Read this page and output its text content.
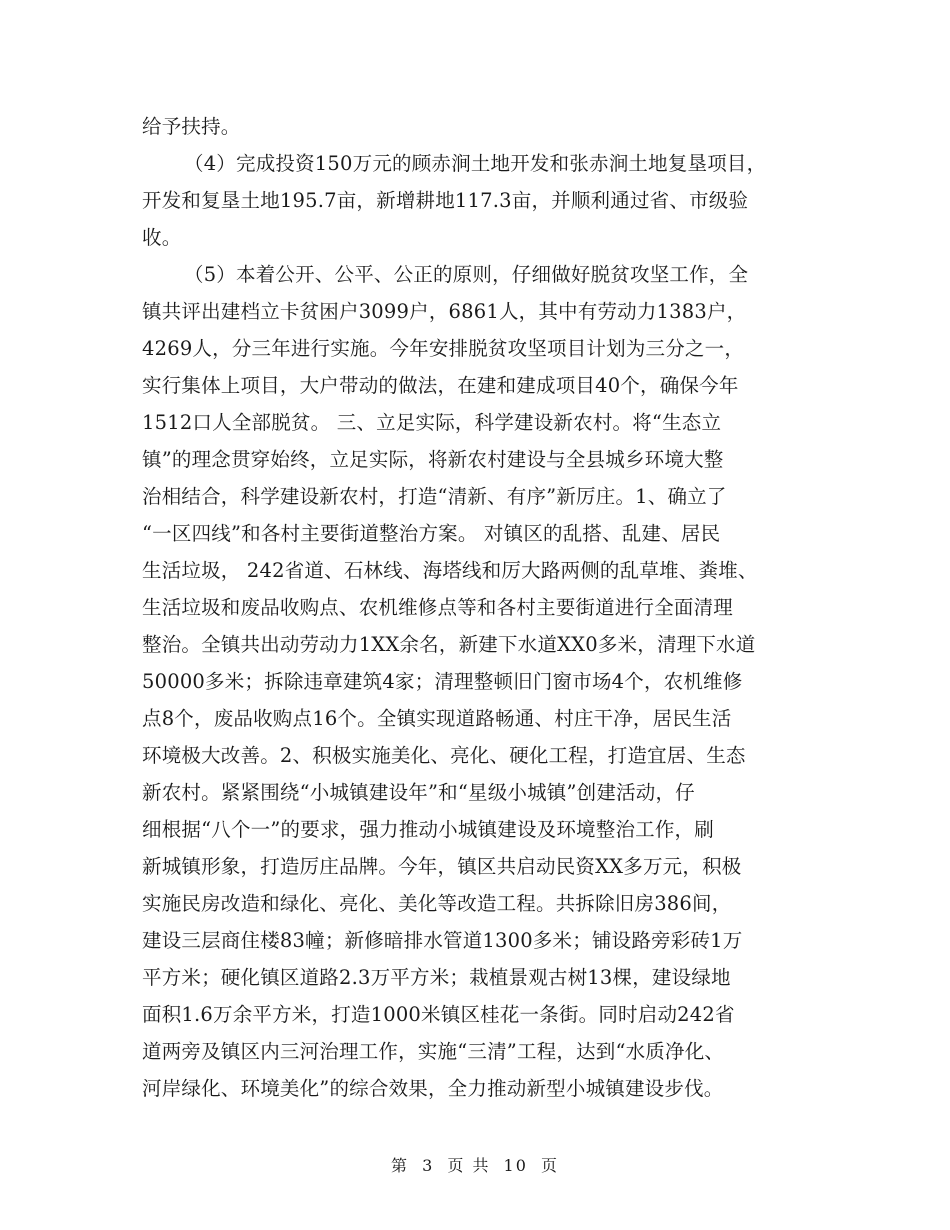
给予扶持。
（4）完成投资150万元的顾赤涧土地开发和张赤涧土地复垦项目，
开发和复垦土地195.7亩，新增耕地117.3亩，并顺利通过省、市级验
收。
（5）本着公开、公平、公正的原则，仔细做好脱贫攻坚工作，全
镇共评出建档立卡贫困户3099户，6861人，其中有劳动力1383户，
4269人，分三年进行实施。今年安排脱贫攻坚项目计划为三分之一，
实行集体上项目，大户带动的做法，在建和建成项目40个，确保今年
1512口人全部脱贫。 三、立足实际，科学建设新农村。将“生态立
镇”的理念贯穿始终，立足实际，将新农村建设与全县城乡环境大整
治相结合，科学建设新农村，打造“清新、有序”新厉庄。1、确立了
“一区四线”和各村主要街道整治方案。 对镇区的乱搭、乱建、居民
生活垃圾， 242省道、石林线、海塔线和厉大路两侧的乱草堆、粪堆、
生活垃圾和废品收购点、农机维修点等和各村主要街道进行全面清理
整治。全镇共出动劳动力1XX余名，新建下水道XX0多米，清理下水道
50000多米；拆除违章建筑4家；清理整顿旧门窗市场4个，农机维修
点8个，废品收购点16个。全镇实现道路畅通、村庄干净，居民生活
环境极大改善。2、积极实施美化、亮化、硬化工程，打造宜居、生态
新农村。紧紧围绕“小城镇建设年”和“星级小城镇”创建活动，仔
细根据“八个一”的要求，强力推动小城镇建设及环境整治工作，刷
新城镇形象，打造厉庄品牌。今年，镇区共启动民资XX多万元，积极
实施民房改造和绿化、亮化、美化等改造工程。共拆除旧房386间，
建设三层商住楼83幢；新修暗排水管道1300多米；铺设路旁彩砖1万
平方米；硬化镇区道路2.3万平方米；栽植景观古树13棵，建设绿地
面积1.6万余平方米，打造1000米镇区桂花一条街。同时启动242省
道两旁及镇区内三河治理工作，实施“三清”工程，达到“水质净化、
河岸绿化、环境美化”的综合效果，全力推动新型小城镇建设步伐。
第 3 页 共 10 页
